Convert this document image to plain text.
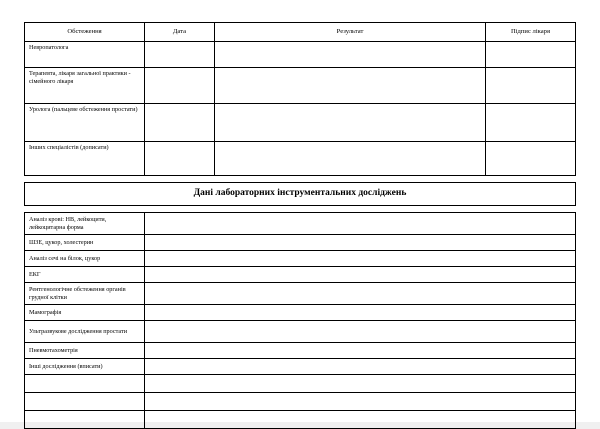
Обстеження	Дата	Результат	Підпис лікаря
Невропатолога			
Терапевта, лікаря загальної практики - сімейного лікаря			
Уролога (пальцеве обстеження простати)			
Інших спеціалістів (дописати)			
Дані лабораторних інструментальних досліджень
Аналіз крові: НВ, лейкоцити, лейкоцитарна форма	
ШЗЕ, цукор, холестерин	
Аналіз сечі на білок, цукор	
ЕКГ	
Рентгенологічне обстеження органів грудної клітки	
Мамографія	
Ультразвукове дослідження простати	
Пневмотахометрія	
Інші дослідження (вписати)	
